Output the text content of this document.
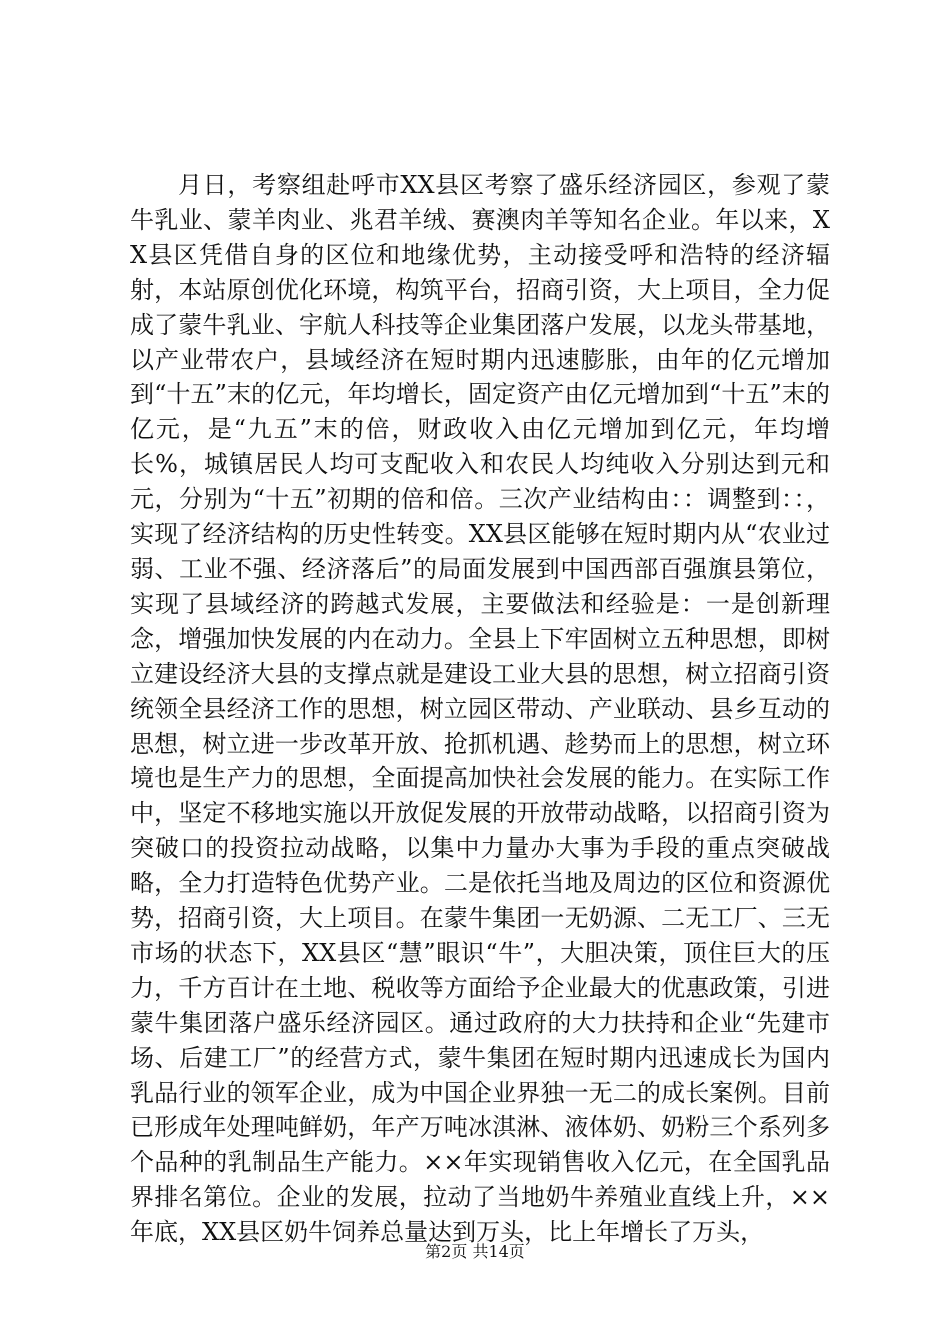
月日，考察组赴呼市XX县区考察了盛乐经济园区，参观了蒙牛乳业、蒙羊肉业、兆君羊绒、赛澳肉羊等知名企业。年以来，XX县区凭借自身的区位和地缘优势，主动接受呼和浩特的经济辐射，本站原创优化环境，构筑平台，招商引资，大上项目，全力促成了蒙牛乳业、宇航人科技等企业集团落户发展，以龙头带基地，以产业带农户，县域经济在短时期内迅速膨胀，由年的亿元增加到“十五”末的亿元，年均增长，固定资产由亿元增加到“十五”末的亿元，是“九五”末的倍，财政收入由亿元增加到亿元，年均增长%，城镇居民人均可支配收入和农民人均纯收入分别达到元和元，分别为“十五”初期的倍和倍。三次产业结构由：：调整到：：，实现了经济结构的历史性转变。XX县区能够在短时期内从“农业过弱、工业不强、经济落后”的局面发展到中国西部百强旗县第位，实现了县域经济的跨越式发展，主要做法和经验是：一是创新理念，增强加快发展的内在动力。全县上下牢固树立五种思想，即树立建设经济大县的支撑点就是建设工业大县的思想，树立招商引资统领全县经济工作的思想，树立园区带动、产业联动、县乡互动的思想，树立进一步改革开放、抢抓机遇、趁势而上的思想，树立环境也是生产力的思想，全面提高加快社会发展的能力。在实际工作中，坚定不移地实施以开放促发展的开放带动战略，以招商引资为突破口的投资拉动战略，以集中力量办大事为手段的重点突破战略，全力打造特色优势产业。二是依托当地及周边的区位和资源优势，招商引资，大上项目。在蒙牛集团一无奶源、二无工厂、三无市场的状态下，XX县区“慧”眼识“牛”，大胆决策，顶住巨大的压力，千方百计在土地、税收等方面给予企业最大的优惠政策，引进蒙牛集团落户盛乐经济园区。通过政府的大力扶持和企业“先建市场、后建工厂”的经营方式，蒙牛集团在短时期内迅速成长为国内乳品行业的领军企业，成为中国企业界独一无二的成长案例。目前已形成年处理吨鲜奶，年产万吨冰淇淋、液体奶、奶粉三个系列多个品种的乳制品生产能力。××年实现销售收入亿元，在全国乳品界排名第位。企业的发展，拉动了当地奶牛养殖业直线上升，××年底，XX县区奶牛饲养总量达到万头，比上年增长了万头，

第2页 共14页
